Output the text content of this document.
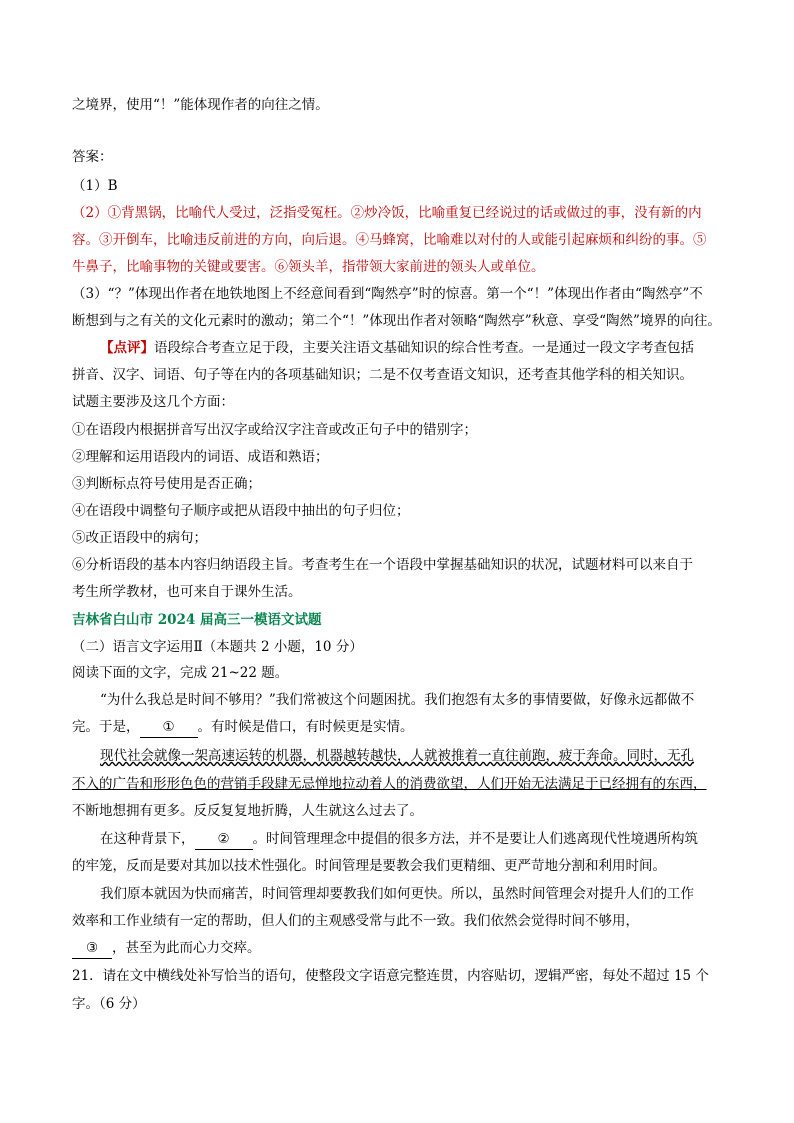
之境界，使用“！”能体现作者的向往之情。
答案：
（1）B
（2）①背黑锅，比喻代人受过，泛指受冤枉。②炒冷饭，比喻重复已经说过的话或做过的事，没有新的内
容。③开倒车，比喻违反前进的方向，向后退。④马蜂窝，比喻难以对付的人或能引起麻烦和纠纷的事。⑤
牛鼻子，比喻事物的关键或要害。⑥领头羊，指带领大家前进的领头人或单位。
（3）“？”体现出作者在地铁地图上不经意间看到“陶然亭”时的惊喜。第一个“！”体现出作者由“陶然亭”不
断想到与之有关的文化元素时的激动；第二个“！”体现出作者对领略“陶然亭”秋意、享受“陶然”境界的向往。
【点评】语段综合考查立足于段，主要关注语文基础知识的综合性考查。一是通过一段文字考查包括
拼音、汉字、词语、句子等在内的各项基础知识；二是不仅考查语文知识，还考查其他学科的相关知识。
试题主要涉及这几个方面：
①在语段内根据拼音写出汉字或给汉字注音或改正句子中的错别字；
②理解和运用语段内的词语、成语和熟语；
③判断标点符号使用是否正确；
④在语段中调整句子顺序或把从语段中抽出的句子归位；
⑤改正语段中的病句；
⑥分析语段的基本内容归纳语段主旨。考查考生在一个语段中掌握基础知识的状况，试题材料可以来自于
考生所学教材，也可来自于课外生活。
吉林省白山市 2024 届高三一模语文试题
（二）语言文字运用Ⅱ（本题共 2 小题，10 分）
阅读下面的文字，完成 21~22 题。
“为什么我总是时间不够用？”我们常被这个问题困扰。我们抱怨有太多的事情要做，好像永远都做不
完。于是， ① 。有时候是借口，有时候更是实情。
现代社会就像一架高速运转的机器，机器越转越快，人就被推着一直往前跑，疲于奔命。同时，无孔
不入的广告和形形色色的营销手段肆无忌惮地拉动着人的消费欲望，人们开始无法满足于已经拥有的东西，
不断地想拥有更多。反反复复地折腾，人生就这么过去了。
在这种背景下， ② 。时间管理理念中提倡的很多方法，并不是要让人们逃离现代性境遇所构筑
的牢笼，反而是要对其加以技术性强化。时间管理是要教会我们更精细、更严苛地分割和利用时间。
我们原本就因为快而痛苦，时间管理却要教我们如何更快。所以，虽然时间管理会对提升人们的工作
效率和工作业绩有一定的帮助，但人们的主观感受常与此不一致。我们依然会觉得时间不够用，
③ ，甚至为此而心力交瘁。
21．请在文中横线处补写恰当的语句，使整段文字语意完整连贯，内容贴切，逻辑严密，每处不超过 15 个
字。（6 分）
